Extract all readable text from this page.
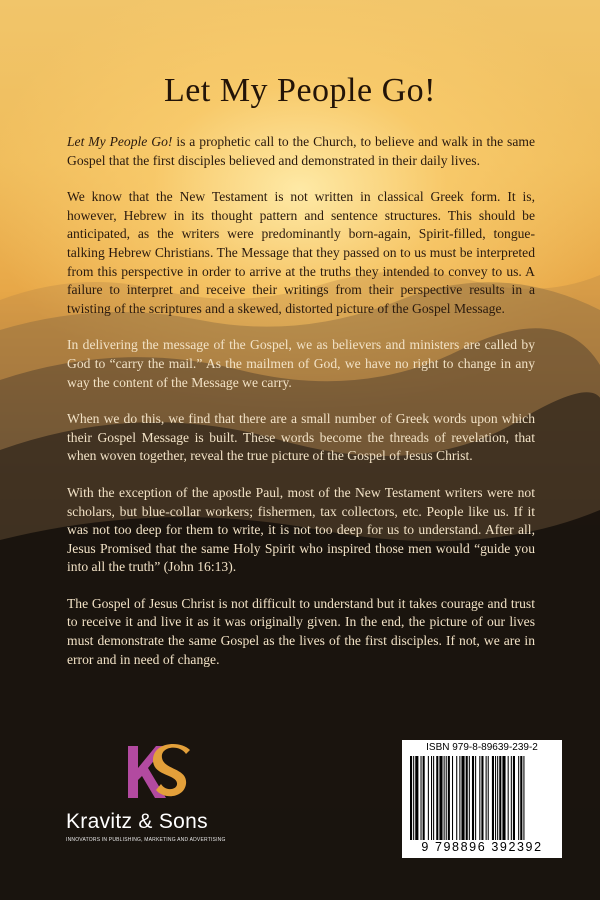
Let My People Go!

Let My People Go! is a prophetic call to the Church, to believe and walk in the same Gospel that the first disciples believed and demonstrated in their daily lives.

We know that the New Testament is not written in classical Greek form. It is, however, Hebrew in its thought pattern and sentence structures. This should be anticipated, as the writers were predominantly born-again, Spirit-filled, tongue-talking Hebrew Christians. The Message that they passed on to us must be interpreted from this perspective in order to arrive at the truths they intended to convey to us. A failure to interpret and receive their writings from their perspective results in a twisting of the scriptures and a skewed, distorted picture of the Gospel Message.

In delivering the message of the Gospel, we as believers and ministers are called by God to “carry the mail.” As the mailmen of God, we have no right to change in any way the content of the Message we carry.

When we do this, we find that there are a small number of Greek words upon which their Gospel Message is built. These words become the threads of revelation, that when woven together, reveal the true picture of the Gospel of Jesus Christ.

With the exception of the apostle Paul, most of the New Testament writers were not scholars, but blue-collar workers; fishermen, tax collectors, etc. People like us. If it was not too deep for them to write, it is not too deep for us to understand. After all, Jesus Promised that the same Holy Spirit who inspired those men would “guide you into all the truth” (John 16:13).

The Gospel of Jesus Christ is not difficult to understand but it takes courage and trust to receive it and live it as it was originally given. In the end, the picture of our lives must demonstrate the same Gospel as the lives of the first disciples. If not, we are in error and in need of change.

Kravitz & Sons
INNOVATORS IN PUBLISHING, MARKETING AND ADVERTISING
ISBN 979-8-89639-239-2
9 798896 392392
